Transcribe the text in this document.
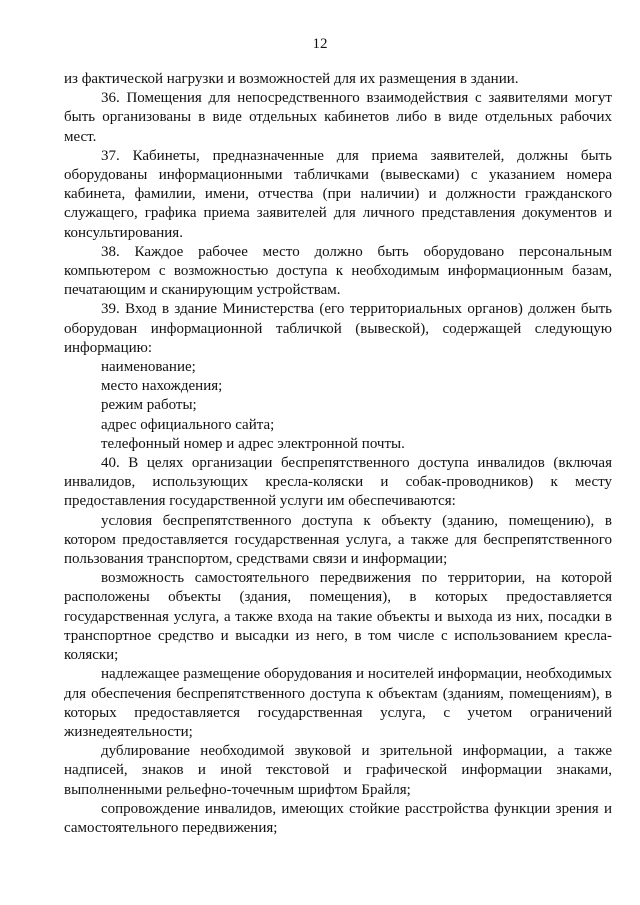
12

из фактической нагрузки и возможностей для их размещения в здании.

36. Помещения для непосредственного взаимодействия с заявителями могут быть организованы в виде отдельных кабинетов либо в виде отдельных рабочих мест.

37. Кабинеты, предназначенные для приема заявителей, должны быть оборудованы информационными табличками (вывесками) с указанием номера кабинета, фамилии, имени, отчества (при наличии) и должности гражданского служащего, графика приема заявителей для личного представления документов и консультирования.

38. Каждое рабочее место должно быть оборудовано персональным компьютером с возможностью доступа к необходимым информационным базам, печатающим и сканирующим устройствам.

39. Вход в здание Министерства (его территориальных органов) должен быть оборудован информационной табличкой (вывеской), содержащей следующую информацию:

наименование;

место нахождения;

режим работы;

адрес официального сайта;

телефонный номер и адрес электронной почты.

40. В целях организации беспрепятственного доступа инвалидов (включая инвалидов, использующих кресла-коляски и собак-проводников) к месту предоставления государственной услуги им обеспечиваются:

условия беспрепятственного доступа к объекту (зданию, помещению), в котором предоставляется государственная услуга, а также для беспрепятственного пользования транспортом, средствами связи и информации;

возможность самостоятельного передвижения по территории, на которой расположены объекты (здания, помещения), в которых предоставляется государственная услуга, а также входа на такие объекты и выхода из них, посадки в транспортное средство и высадки из него, в том числе с использованием кресла-коляски;

надлежащее размещение оборудования и носителей информации, необходимых для обеспечения беспрепятственного доступа к объектам (зданиям, помещениям), в которых предоставляется государственная услуга, с учетом ограничений жизнедеятельности;

дублирование необходимой звуковой и зрительной информации, а также надписей, знаков и иной текстовой и графической информации знаками, выполненными рельефно-точечным шрифтом Брайля;

сопровождение инвалидов, имеющих стойкие расстройства функции зрения и самостоятельного передвижения;
